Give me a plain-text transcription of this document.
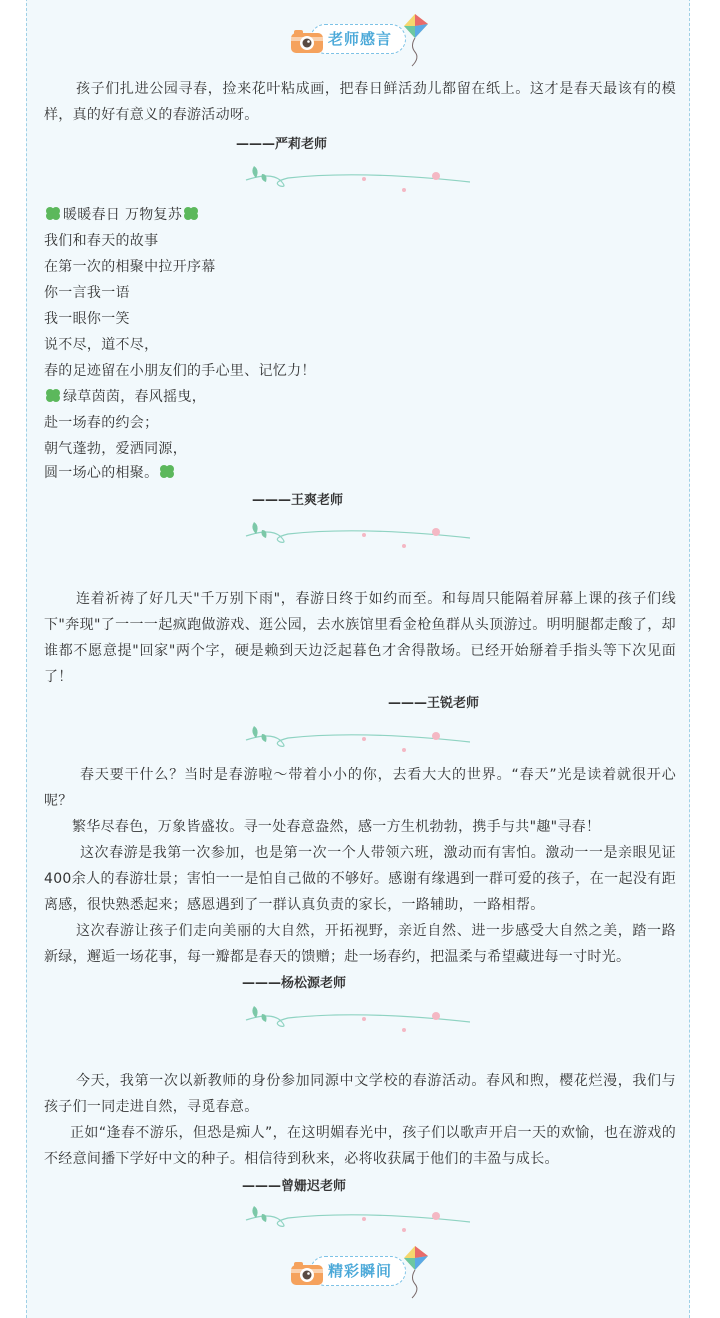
老师感言

孩子们扎进公园寻春，捡来花叶粘成画，把春日鲜活劲儿都留在纸上。这才是春天最该有的模样，真的好有意义的春游活动呀。

———严莉老师
暖暖春日 万物复苏
我们和春天的故事
在第一次的相聚中拉开序幕
你一言我一语
我一眼你一笑
说不尽，道不尽，
春的足迹留在小朋友们的手心里、记忆力！
绿草茵茵，春风摇曳，
赴一场春的约会；
朝气蓬勃，爱洒同源，
圆一场心的相聚。
———王爽老师

连着祈祷了好几天"千万别下雨"，春游日终于如约而至。和每周只能隔着屏幕上课的孩子们线下"奔现"了一一一起疯跑做游戏、逛公园，去水族馆里看金枪鱼群从头顶游过。明明腿都走酸了，却谁都不愿意提"回家"两个字，硬是赖到天边泛起暮色才舍得散场。已经开始掰着手指头等下次见面了！

———王锐老师

春天要干什么？当时是春游啦～带着小小的你，去看大大的世界。“春天”光是读着就很开心呢？

繁华尽春色，万象皆盛妆。寻一处春意盎然，感一方生机勃勃，携手与共"趣"寻春！

这次春游是我第一次参加，也是第一次一个人带领六班，激动而有害怕。激动一一是亲眼见证400余人的春游壮景；害怕一一是怕自己做的不够好。感谢有缘遇到一群可爱的孩子，在一起没有距离感，很快熟悉起来；感恩遇到了一群认真负责的家长，一路辅助，一路相帮。

这次春游让孩子们走向美丽的大自然，开拓视野，亲近自然、进一步感受大自然之美，踏一路新绿，邂逅一场花事，每一瓣都是春天的馈赠；赴一场春约，把温柔与希望藏进每一寸时光。

———杨松源老师

今天，我第一次以新教师的身份参加同源中文学校的春游活动。春风和煦，樱花烂漫，我们与孩子们一同走进自然，寻觅春意。

正如“逢春不游乐，但恐是痴人”，在这明媚春光中，孩子们以歌声开启一天的欢愉，也在游戏的不经意间播下学好中文的种子。相信待到秋来，必将收获属于他们的丰盈与成长。

———曾姗迟老师
精彩瞬间
